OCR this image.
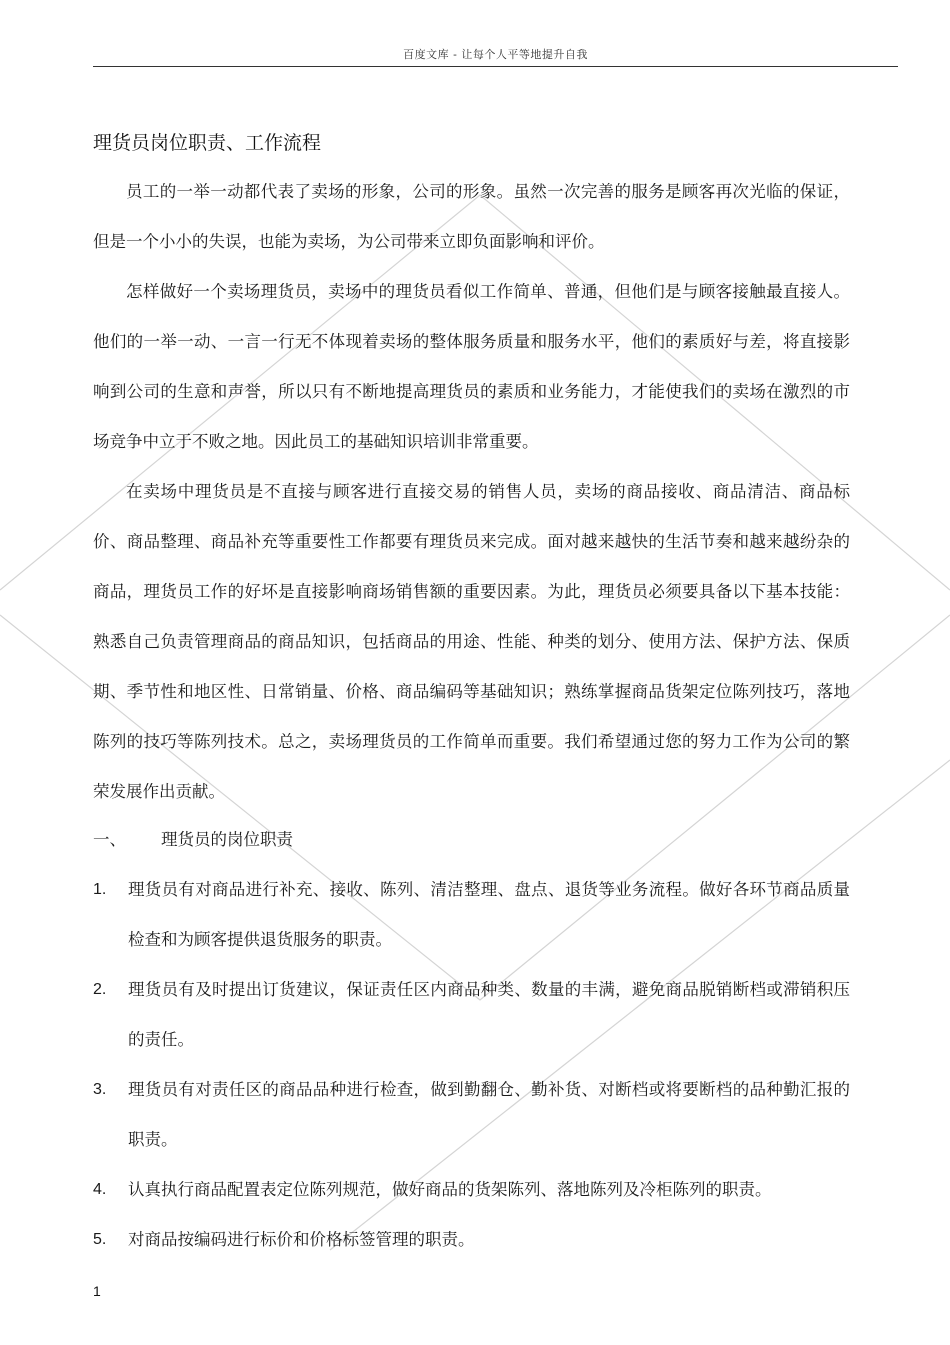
百度文库 - 让每个人平等地提升自我
理货员岗位职责、工作流程

员工的一举一动都代表了卖场的形象，公司的形象。虽然一次完善的服务是顾客再次光临的保证，但是一个小小的失误，也能为卖场，为公司带来立即负面影响和评价。

怎样做好一个卖场理货员，卖场中的理货员看似工作简单、普通，但他们是与顾客接触最直接人。他们的一举一动、一言一行无不体现着卖场的整体服务质量和服务水平，他们的素质好与差，将直接影响到公司的生意和声誉，所以只有不断地提高理货员的素质和业务能力，才能使我们的卖场在激烈的市场竞争中立于不败之地。因此员工的基础知识培训非常重要。

在卖场中理货员是不直接与顾客进行直接交易的销售人员，卖场的商品接收、商品清洁、商品标价、商品整理、商品补充等重要性工作都要有理货员来完成。面对越来越快的生活节奏和越来越纷杂的商品，理货员工作的好坏是直接影响商场销售额的重要因素。为此，理货员必须要具备以下基本技能：熟悉自己负责管理商品的商品知识，包括商品的用途、性能、种类的划分、使用方法、保护方法、保质期、季节性和地区性、日常销量、价格、商品编码等基础知识；熟练掌握商品货架定位陈列技巧，落地陈列的技巧等陈列技术。总之，卖场理货员的工作简单而重要。我们希望通过您的努力工作为公司的繁荣发展作出贡献。

一、 理货员的岗位职责
1. 理货员有对商品进行补充、接收、陈列、清洁整理、盘点、退货等业务流程。做好各环节商品质量检查和为顾客提供退货服务的职责。
2. 理货员有及时提出订货建议，保证责任区内商品种类、数量的丰满，避免商品脱销断档或滞销积压的责任。
3. 理货员有对责任区的商品品种进行检查，做到勤翻仓、勤补货、对断档或将要断档的品种勤汇报的职责。
4. 认真执行商品配置表定位陈列规范，做好商品的货架陈列、落地陈列及冷柜陈列的职责。
5. 对商品按编码进行标价和价格标签管理的职责。
1
